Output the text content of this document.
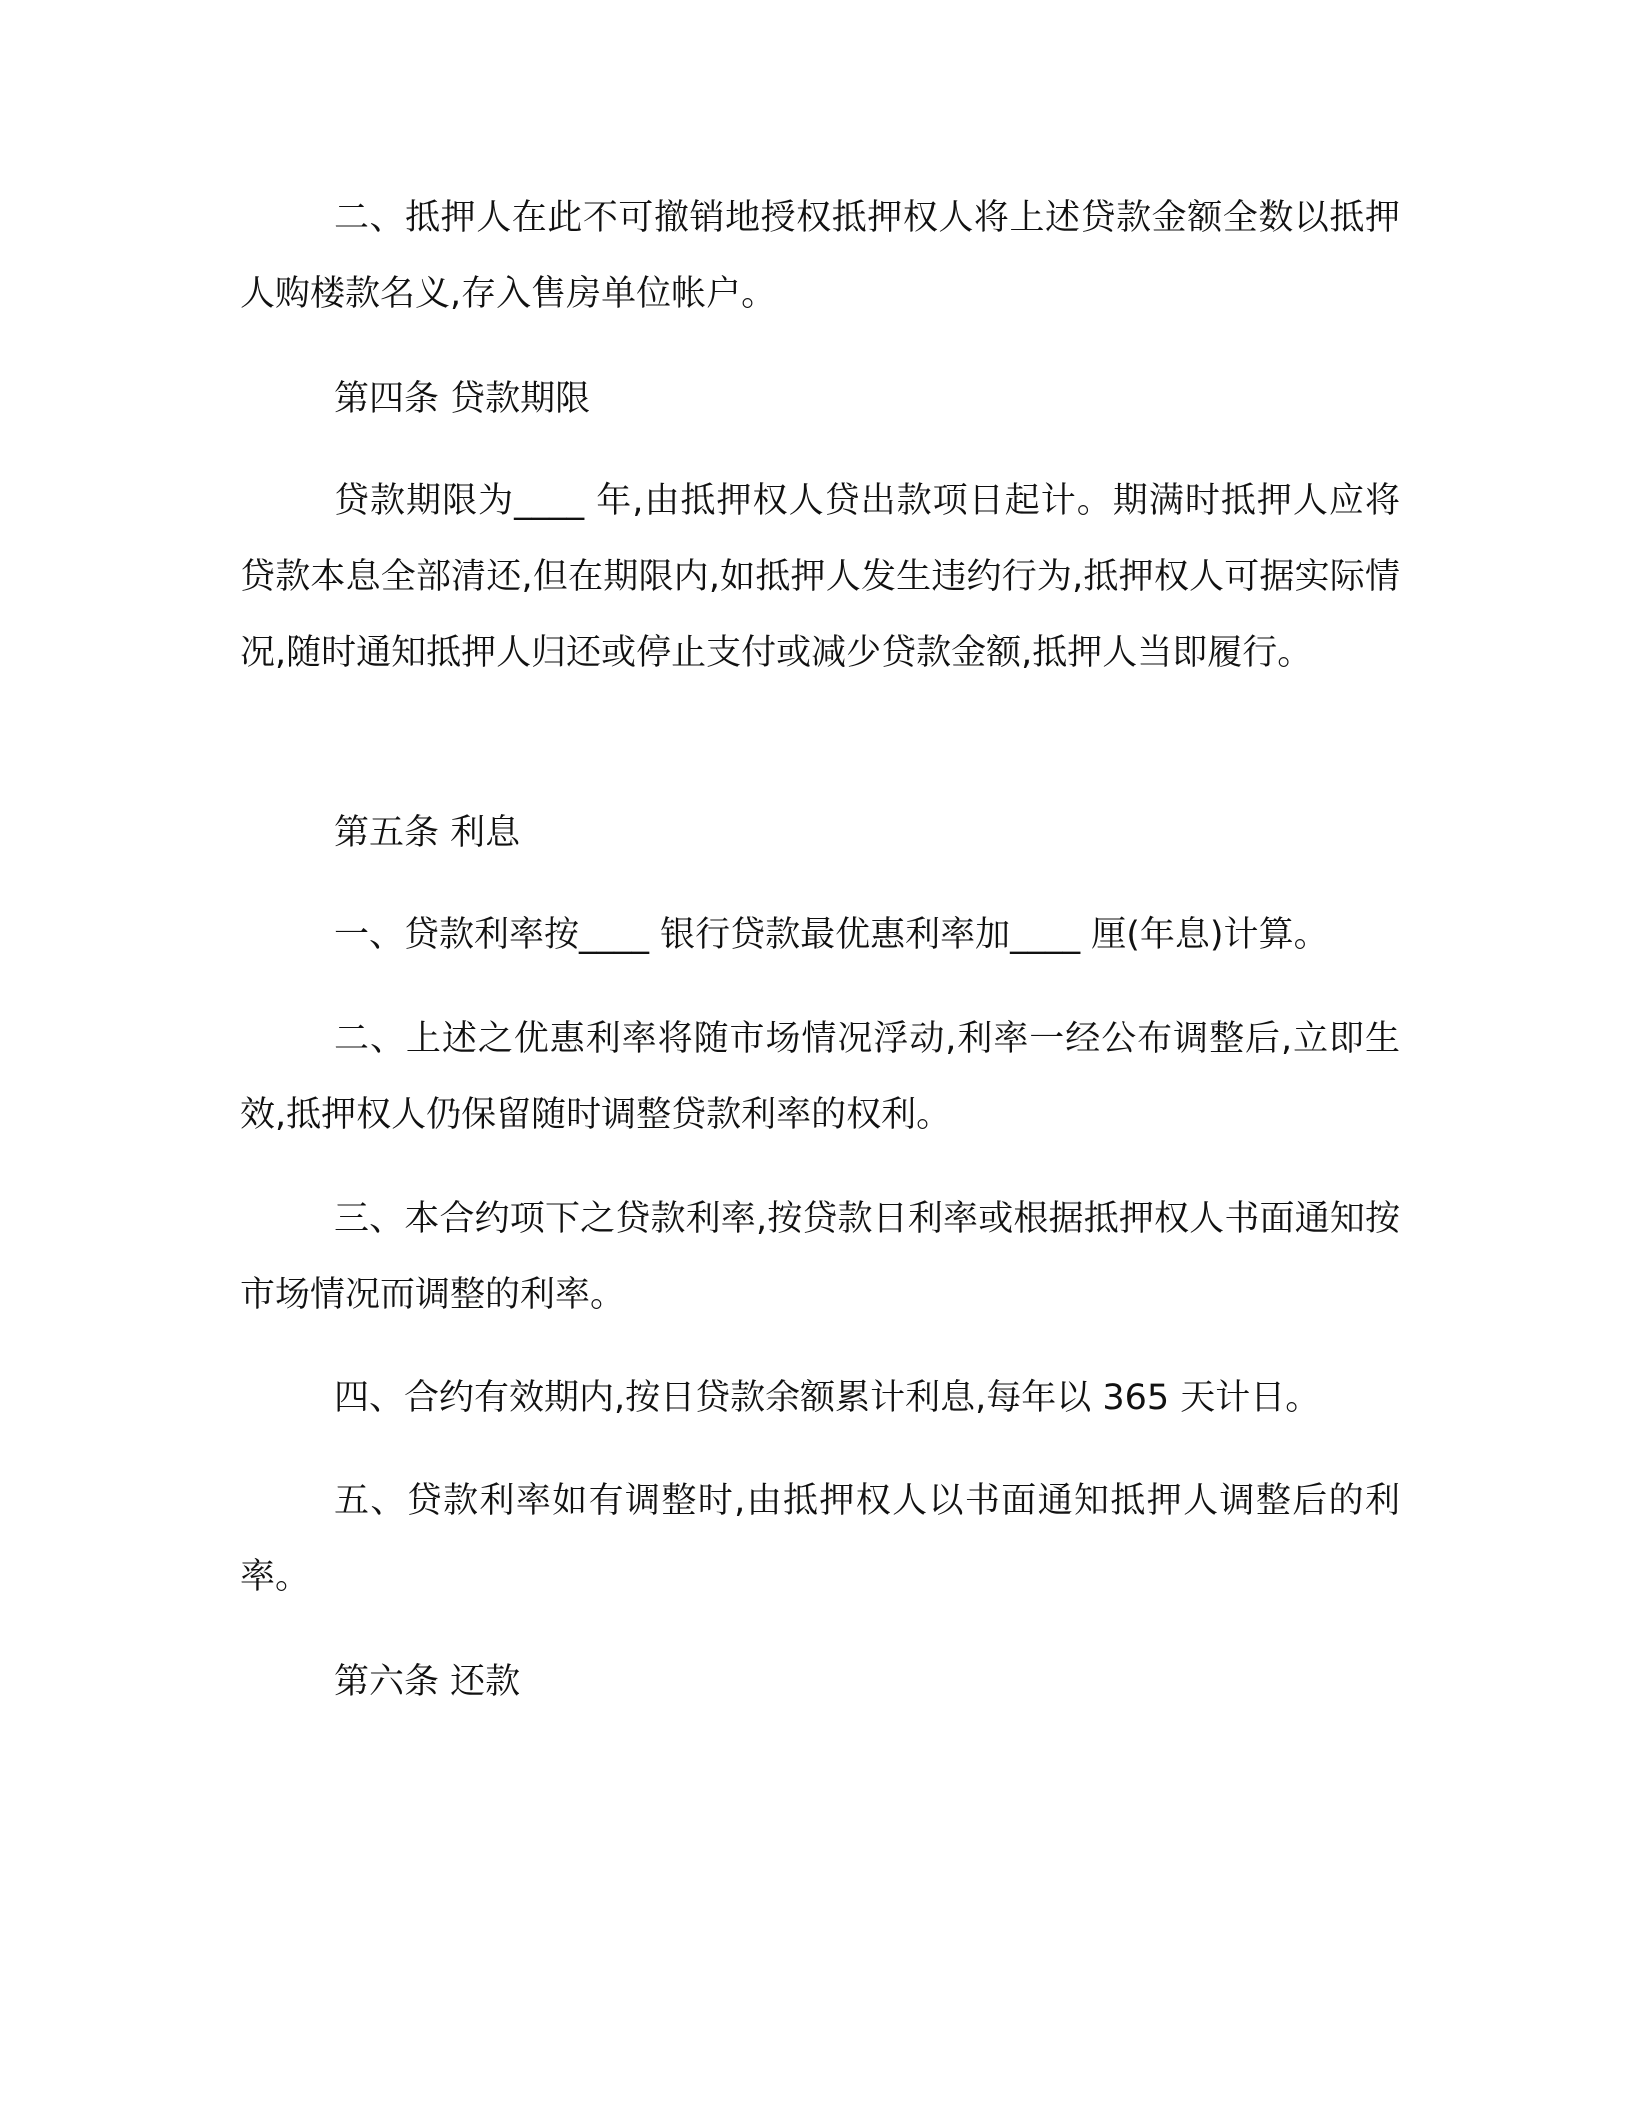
二、抵押人在此不可撤销地授权抵押权人将上述贷款金额全数以抵押人购楼款名义,存入售房单位帐户。

第四条 贷款期限

贷款期限为____ 年,由抵押权人贷出款项日起计。期满时抵押人应将贷款本息全部清还,但在期限内,如抵押人发生违约行为,抵押权人可据实际情况,随时通知抵押人归还或停止支付或减少贷款金额,抵押人当即履行。

第五条 利息

一、贷款利率按____ 银行贷款最优惠利率加____ 厘(年息)计算。

二、上述之优惠利率将随市场情况浮动,利率一经公布调整后,立即生效,抵押权人仍保留随时调整贷款利率的权利。

三、本合约项下之贷款利率,按贷款日利率或根据抵押权人书面通知按市场情况而调整的利率。

四、合约有效期内,按日贷款余额累计利息,每年以 365 天计日。

五、贷款利率如有调整时,由抵押权人以书面通知抵押人调整后的利率。

第六条 还款
